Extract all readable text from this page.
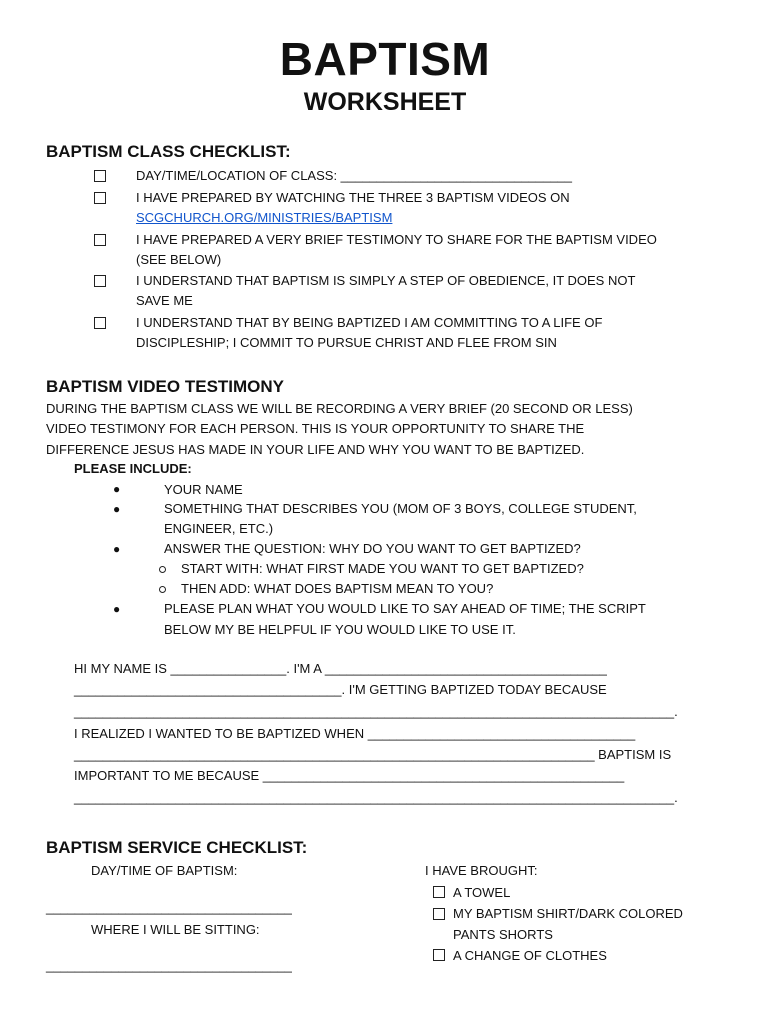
BAPTISM
WORKSHEET
BAPTISM CLASS CHECKLIST:
DAY/TIME/LOCATION OF CLASS: ________________________________
I HAVE PREPARED BY WATCHING THE THREE 3 BAPTISM VIDEOS ON
SCGCHURCH.ORG/MINISTRIES/BAPTISM
I HAVE PREPARED A VERY BRIEF TESTIMONY TO SHARE FOR THE BAPTISM VIDEO
(SEE BELOW)
I UNDERSTAND THAT BAPTISM IS SIMPLY A STEP OF OBEDIENCE, IT DOES NOT
SAVE ME
I UNDERSTAND THAT BY BEING BAPTIZED I AM COMMITTING TO A LIFE OF
DISCIPLESHIP; I COMMIT TO PURSUE CHRIST AND FLEE FROM SIN
BAPTISM VIDEO TESTIMONY
DURING THE BAPTISM CLASS WE WILL BE RECORDING A VERY BRIEF (20 SECOND OR LESS)
VIDEO TESTIMONY FOR EACH PERSON. THIS IS YOUR OPPORTUNITY TO SHARE THE
DIFFERENCE JESUS HAS MADE IN YOUR LIFE AND WHY YOU WANT TO BE BAPTIZED.
PLEASE INCLUDE:
●	YOUR NAME
●	SOMETHING THAT DESCRIBES YOU (MOM OF 3 BOYS, COLLEGE STUDENT,
ENGINEER, ETC.)
●	ANSWER THE QUESTION: WHY DO YOU WANT TO GET BAPTIZED?
START WITH: WHAT FIRST MADE YOU WANT TO GET BAPTIZED?
THEN ADD: WHAT DOES BAPTISM MEAN TO YOU?
●	PLEASE PLAN WHAT YOU WOULD LIKE TO SAY AHEAD OF TIME; THE SCRIPT
BELOW MY BE HELPFUL IF YOU WOULD LIKE TO USE IT.
HI MY NAME IS ________________. I'M A _______________________________________
_____________________________________. I'M GETTING BAPTIZED TODAY BECAUSE
___________________________________________________________________________________.
I REALIZED I WANTED TO BE BAPTIZED WHEN _____________________________________
________________________________________________________________________ BAPTISM IS
IMPORTANT TO ME BECAUSE __________________________________________________
___________________________________________________________________________________.
BAPTISM SERVICE CHECKLIST:
DAY/TIME OF BAPTISM:
__________________________________
WHERE I WILL BE SITTING:
__________________________________
I HAVE BROUGHT:
A TOWEL
MY BAPTISM SHIRT/DARK COLORED
PANTS SHORTS
A CHANGE OF CLOTHES
